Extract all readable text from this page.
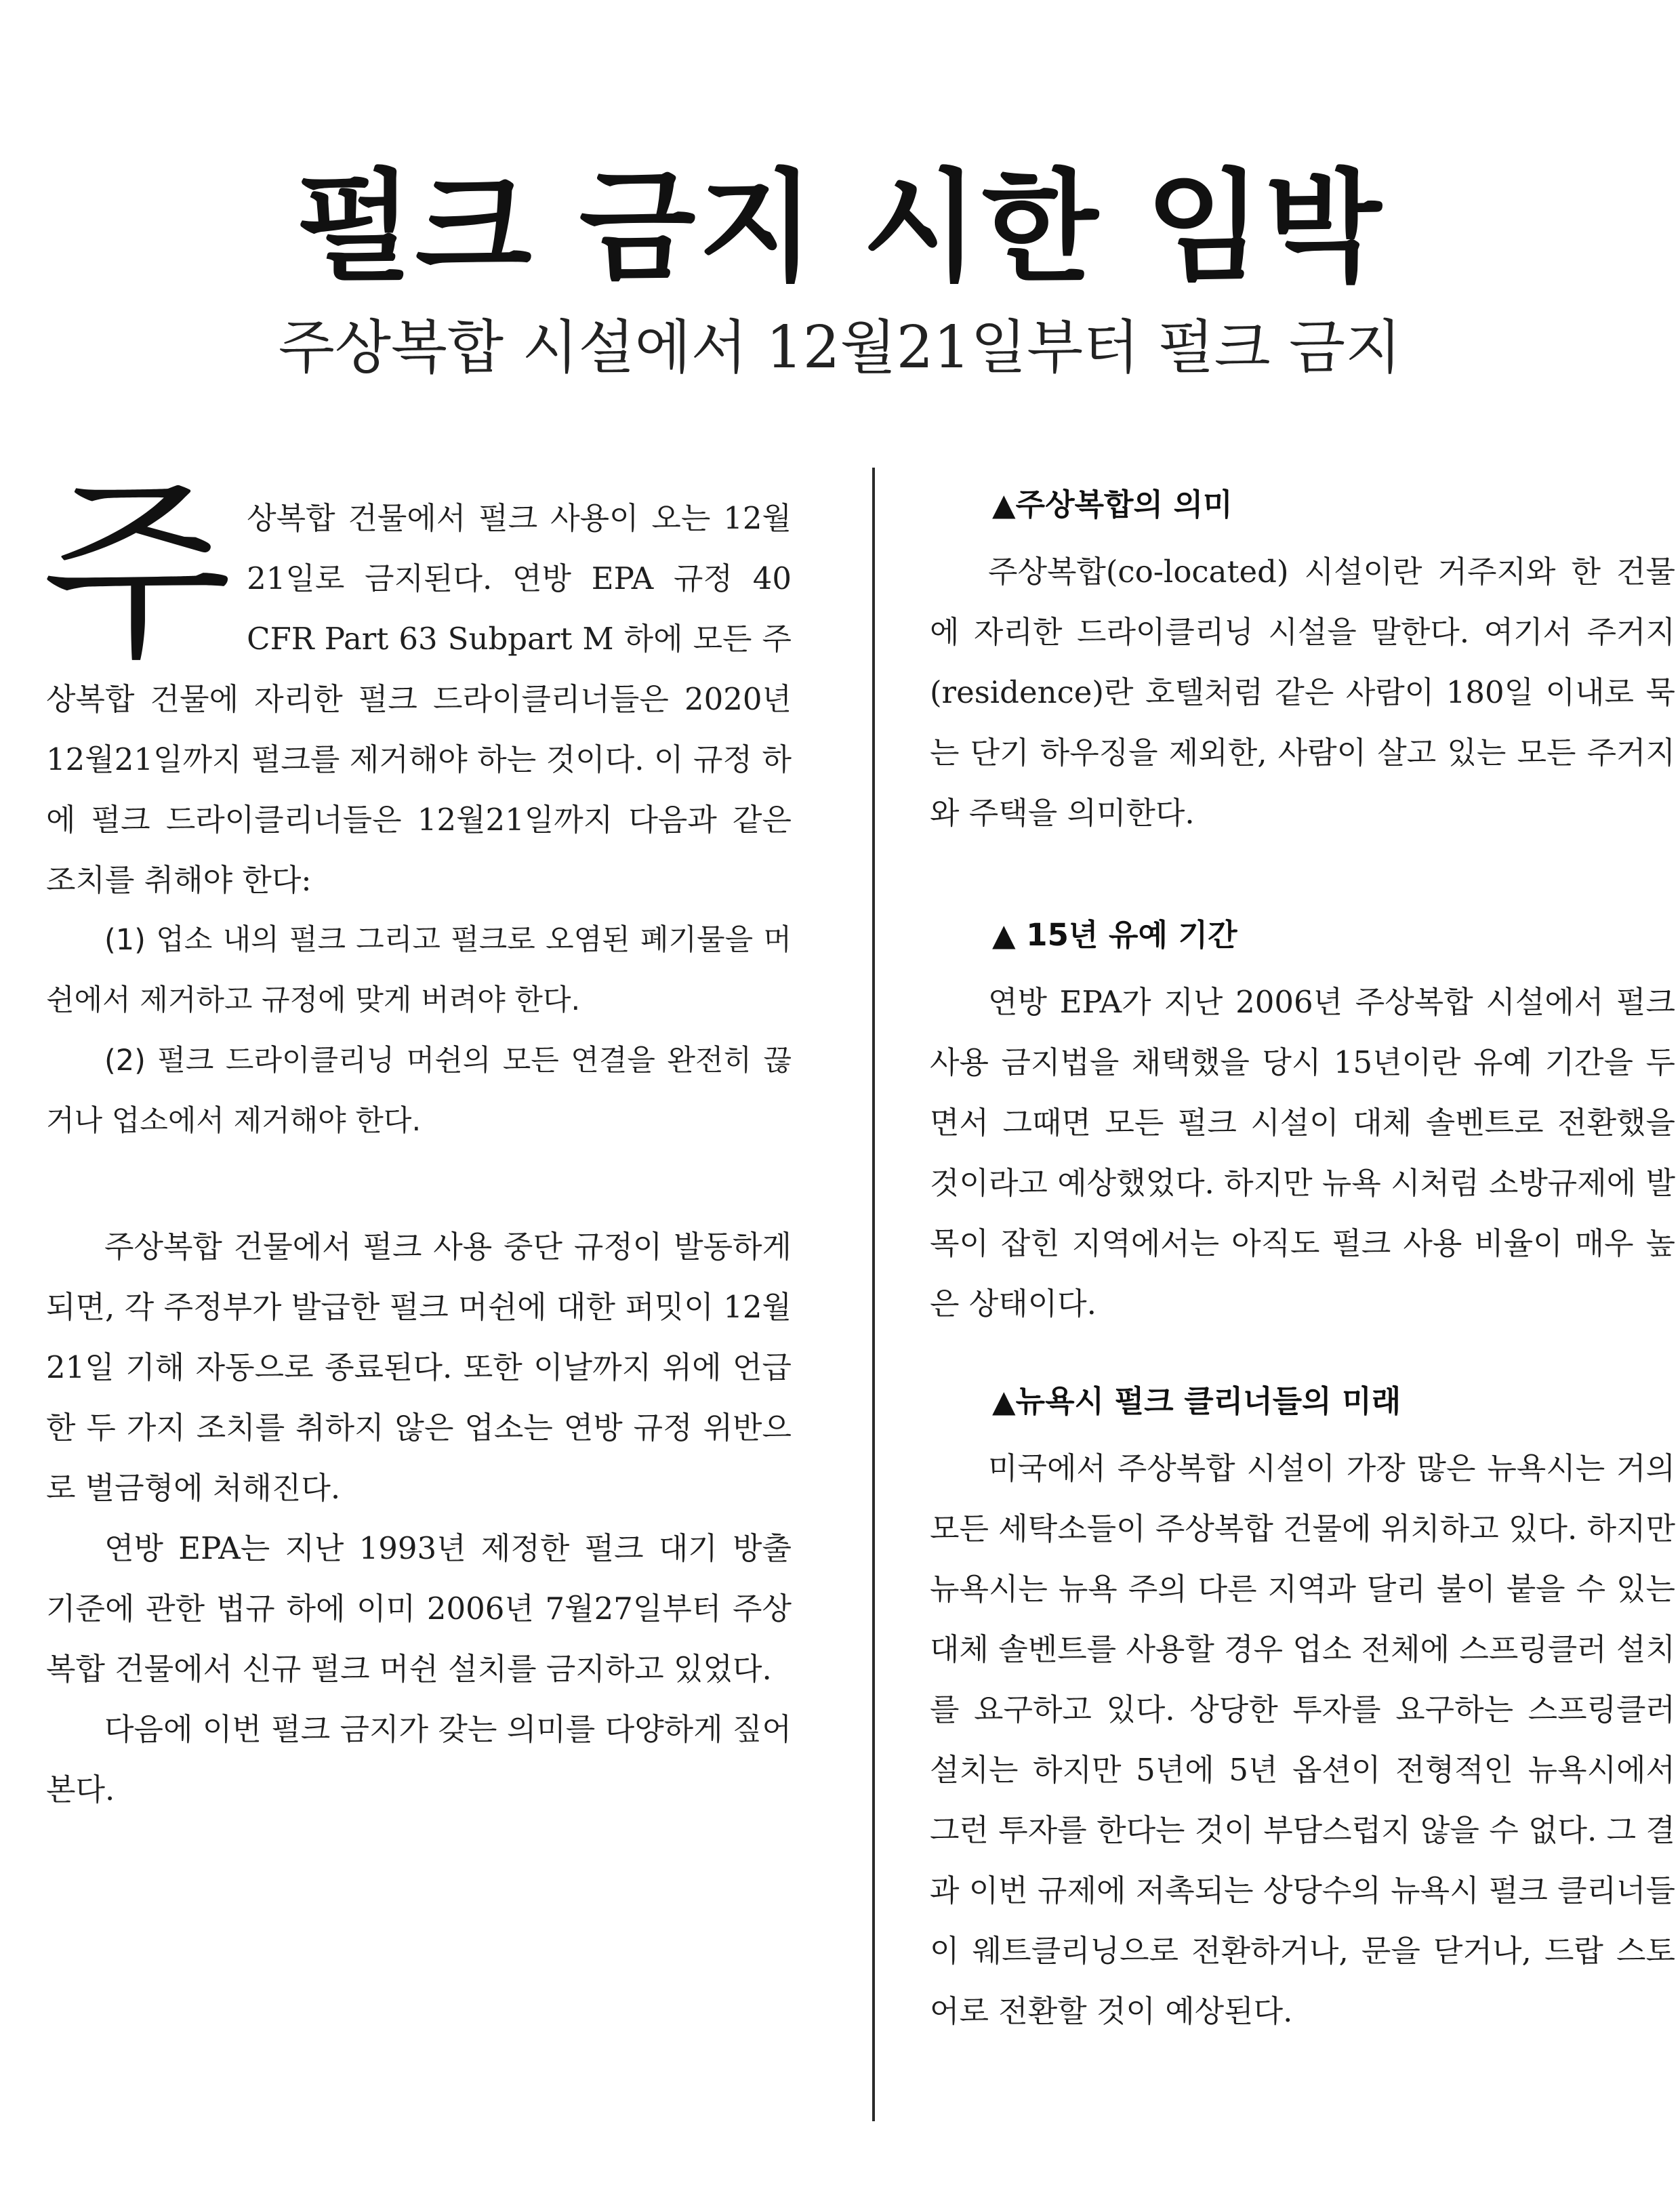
펄크 금지 시한 임박
주상복합 시설에서 12월21일부터 펄크 금지

주상복합 건물에서 펄크 사용이 오는 12월 21일로 금지된다. 연방 EPA 규정 40 CFR Part 63 Subpart M 하에 모든 주상복합 건물에 자리한 펄크 드라이클리너들은 2020년 12월21일까지 펄크를 제거해야 하는 것이다. 이 규정 하에 펄크 드라이클리너들은 12월21일까지 다음과 같은 조치를 취해야 한다:

(1) 업소 내의 펄크 그리고 펄크로 오염된 폐기물을 머쉰에서 제거하고 규정에 맞게 버려야 한다.

(2) 펄크 드라이클리닝 머쉰의 모든 연결을 완전히 끊거나 업소에서 제거해야 한다.

주상복합 건물에서 펄크 사용 중단 규정이 발동하게 되면, 각 주정부가 발급한 펄크 머쉰에 대한 퍼밋이 12월 21일 기해 자동으로 종료된다. 또한 이날까지 위에 언급한 두 가지 조치를 취하지 않은 업소는 연방 규정 위반으로 벌금형에 처해진다.

연방 EPA는 지난 1993년 제정한 펄크 대기 방출 기준에 관한 법규 하에 이미 2006년 7월27일부터 주상 복합 건물에서 신규 펄크 머쉰 설치를 금지하고 있었다.

다음에 이번 펄크 금지가 갖는 의미를 다양하게 짚어본다.

▲주상복합의 의미

주상복합(co-located) 시설이란 거주지와 한 건물에 자리한 드라이클리닝 시설을 말한다. 여기서 주거지(residence)란 호텔처럼 같은 사람이 180일 이내로 묵는 단기 하우징을 제외한, 사람이 살고 있는 모든 주거지와 주택을 의미한다.

▲ 15년 유예 기간

연방 EPA가 지난 2006년 주상복합 시설에서 펄크 사용 금지법을 채택했을 당시 15년이란 유예 기간을 두면서 그때면 모든 펄크 시설이 대체 솔벤트로 전환했을 것이라고 예상했었다. 하지만 뉴욕 시처럼 소방규제에 발목이 잡힌 지역에서는 아직도 펄크 사용 비율이 매우 높은 상태이다.

▲뉴욕시 펄크 클리너들의 미래

미국에서 주상복합 시설이 가장 많은 뉴욕시는 거의 모든 세탁소들이 주상복합 건물에 위치하고 있다. 하지만 뉴욕시는 뉴욕 주의 다른 지역과 달리 불이 붙을 수 있는 대체 솔벤트를 사용할 경우 업소 전체에 스프링클러 설치를 요구하고 있다. 상당한 투자를 요구하는 스프링클러 설치는 하지만 5년에 5년 옵션이 전형적인 뉴욕시에서 그런 투자를 한다는 것이 부담스럽지 않을 수 없다. 그 결과 이번 규제에 저촉되는 상당수의 뉴욕시 펄크 클리너들이 웨트클리닝으로 전환하거나, 문을 닫거나, 드랍 스토어로 전환할 것이 예상된다.
